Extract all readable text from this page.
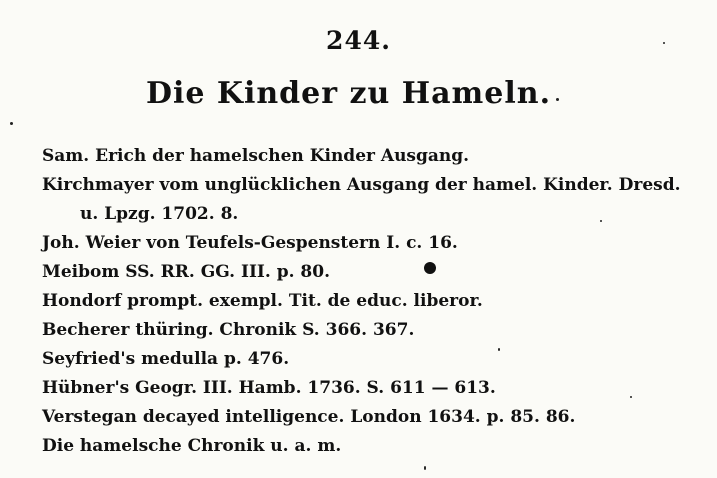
244.
Die Kinder zu Hameln.
Sam. Erich der hamelschen Kinder Ausgang.
Kirchmayer vom unglücklichen Ausgang der hamel. Kinder. Dresd.
u. Lpzg. 1702. 8.
Joh. Weier von Teufels-Gespenstern I. c. 16.
Meibom SS. RR. GG. III. p. 80.
Hondorf prompt. exempl. Tit. de educ. liberor.
Becherer thüring. Chronik S. 366. 367.
Seyfried's medulla p. 476.
Hübner's Geogr. III. Hamb. 1736. S. 611 — 613.
Verstegan decayed intelligence. London 1634. p. 85. 86.
Die hamelsche Chronik u. a. m.
